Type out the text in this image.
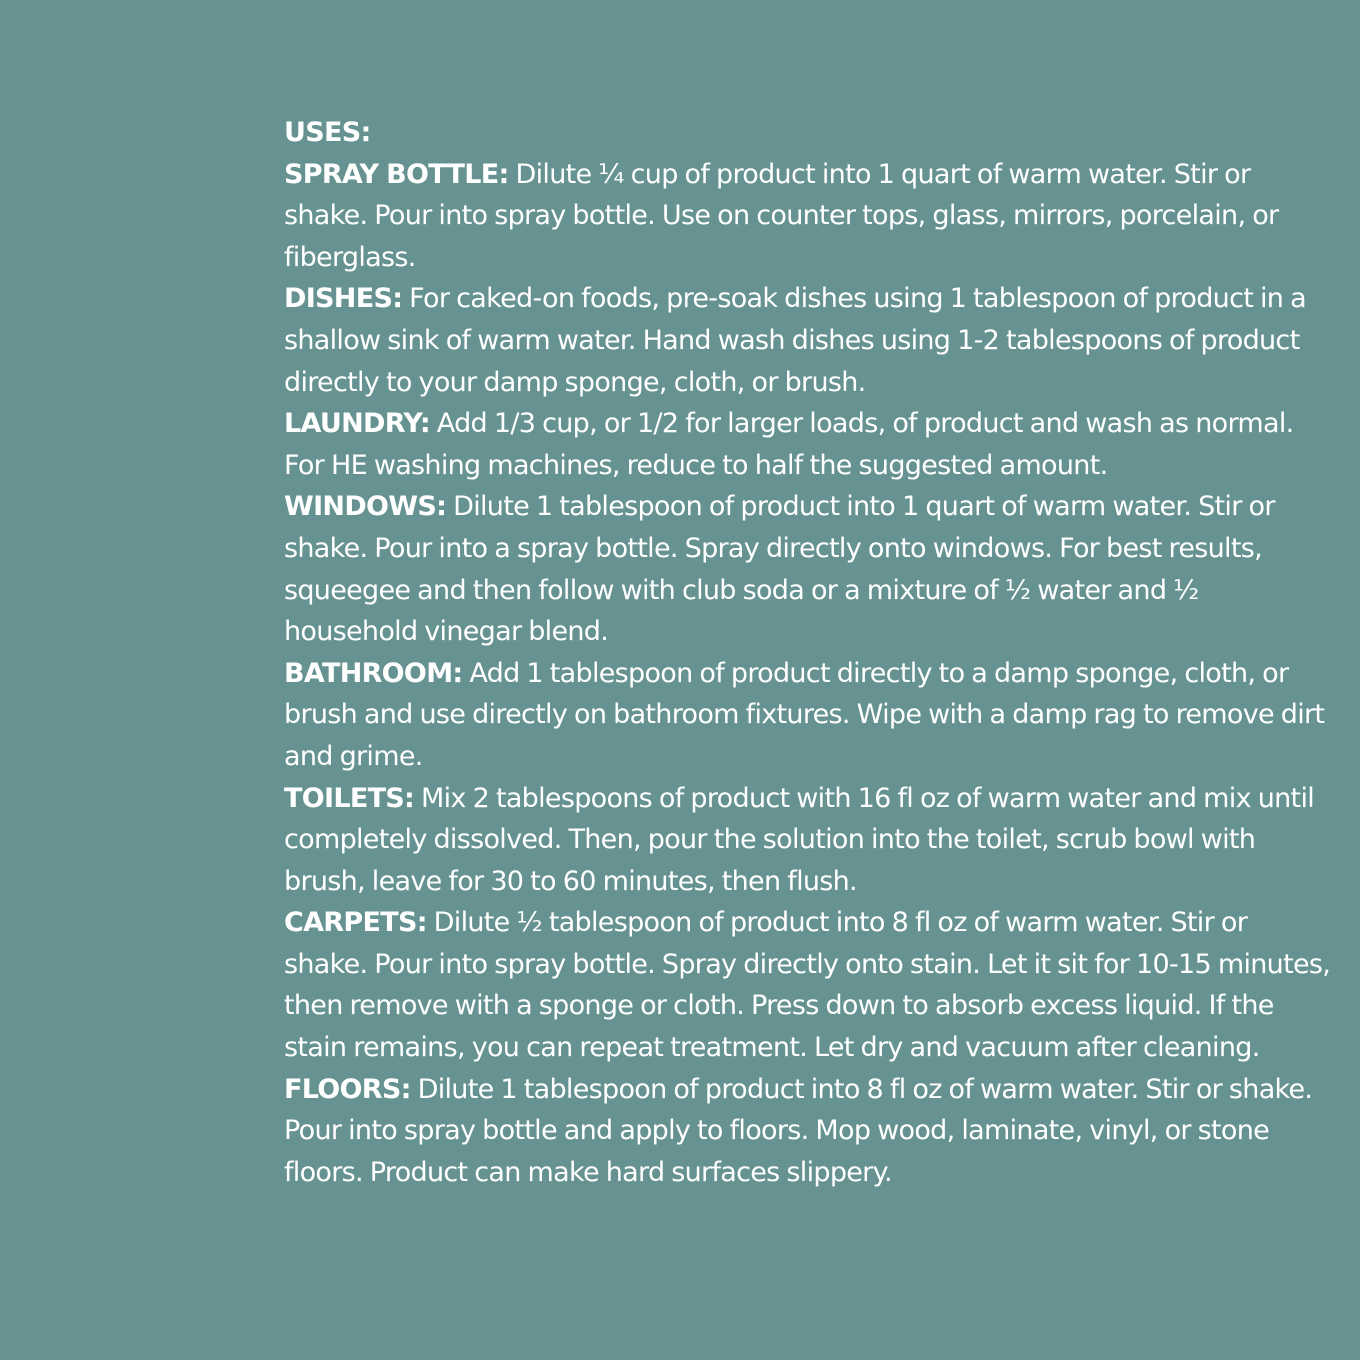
USES:

SPRAY BOTTLE: Dilute ¼ cup of product into 1 quart of warm water. Stir or shake. Pour into spray bottle. Use on counter tops, glass, mirrors, porcelain, or fiberglass.

DISHES: For caked-on foods, pre-soak dishes using 1 tablespoon of product in a shallow sink of warm water. Hand wash dishes using 1-2 tablespoons of product directly to your damp sponge, cloth, or brush.

LAUNDRY: Add 1/3 cup, or 1/2 for larger loads, of product and wash as normal. For HE washing machines, reduce to half the suggested amount.

WINDOWS: Dilute 1 tablespoon of product into 1 quart of warm water. Stir or shake. Pour into a spray bottle. Spray directly onto windows. For best results, squeegee and then follow with club soda or a mixture of ½ water and ½ household vinegar blend.

BATHROOM: Add 1 tablespoon of product directly to a damp sponge, cloth, or brush and use directly on bathroom fixtures. Wipe with a damp rag to remove dirt and grime.

TOILETS: Mix 2 tablespoons of product with 16 fl oz of warm water and mix until completely dissolved. Then, pour the solution into the toilet, scrub bowl with brush, leave for 30 to 60 minutes, then flush.

CARPETS: Dilute ½ tablespoon of product into 8 fl oz of warm water. Stir or shake. Pour into spray bottle. Spray directly onto stain. Let it sit for 10-15 minutes, then remove with a sponge or cloth. Press down to absorb excess liquid. If the stain remains, you can repeat treatment. Let dry and vacuum after cleaning.

FLOORS: Dilute 1 tablespoon of product into 8 fl oz of warm water. Stir or shake. Pour into spray bottle and apply to floors. Mop wood, laminate, vinyl, or stone floors. Product can make hard surfaces slippery.
